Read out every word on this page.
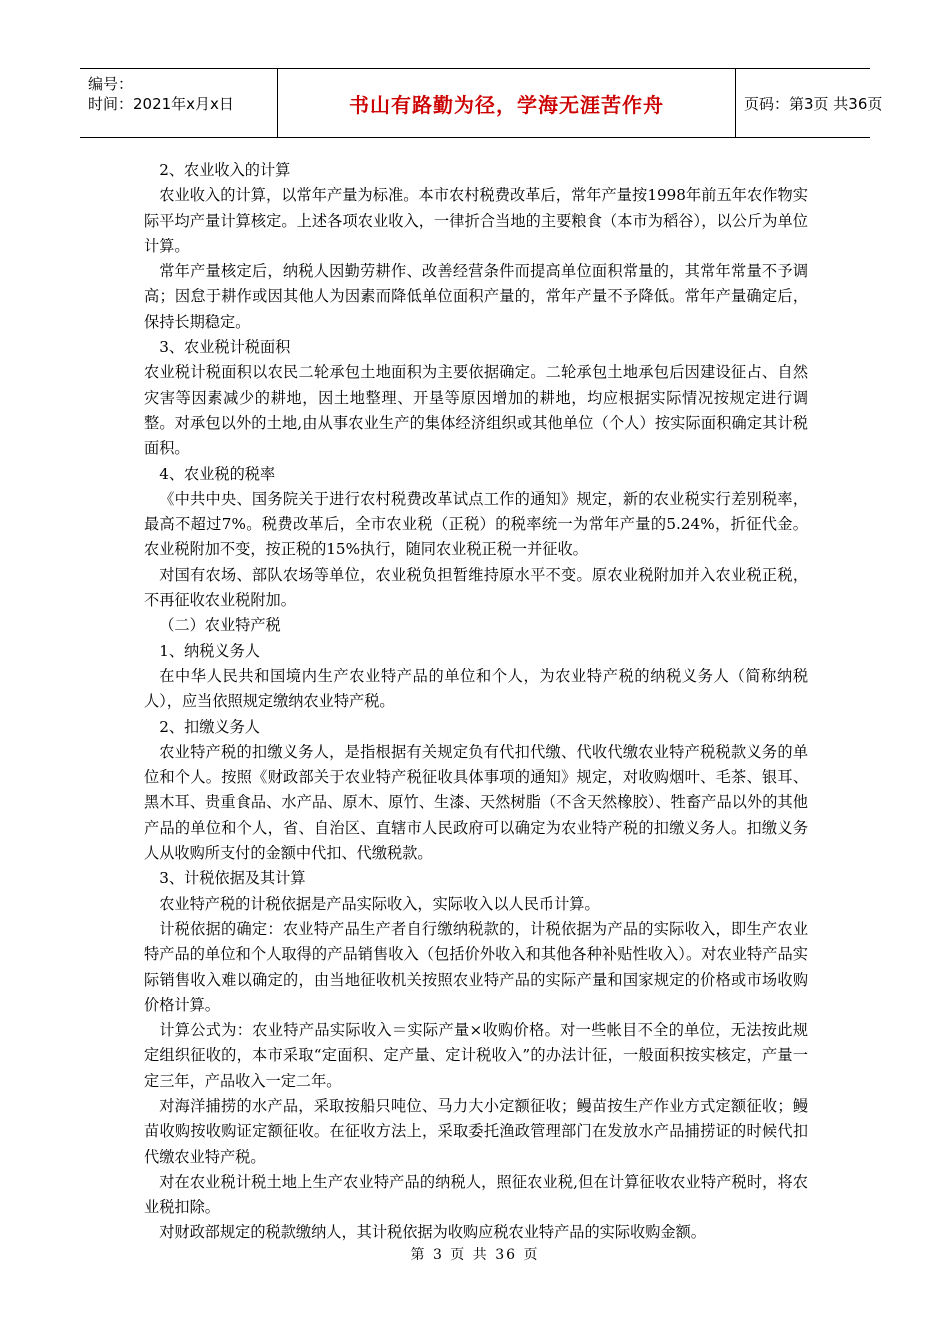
编号：
时间：2021年x月x日	书山有路勤为径，学海无涯苦作舟	页码：第3页 共36页

2、农业收入的计算

农业收入的计算，以常年产量为标准。本市农村税费改革后，常年产量按1998年前五年农作物实际平均产量计算核定。上述各项农业收入，一律折合当地的主要粮食（本市为稻谷），以公斤为单位计算。

常年产量核定后，纳税人因勤劳耕作、改善经营条件而提高单位面积常量的，其常年常量不予调高；因怠于耕作或因其他人为因素而降低单位面积产量的，常年产量不予降低。常年产量确定后，保持长期稳定。

3、农业税计税面积

农业税计税面积以农民二轮承包土地面积为主要依据确定。二轮承包土地承包后因建设征占、自然灾害等因素减少的耕地，因土地整理、开垦等原因增加的耕地，均应根据实际情况按规定进行调整。对承包以外的土地,由从事农业生产的集体经济组织或其他单位（个人）按实际面积确定其计税面积。

4、农业税的税率

《中共中央、国务院关于进行农村税费改革试点工作的通知》规定，新的农业税实行差别税率，最高不超过7%。税费改革后，全市农业税（正税）的税率统一为常年产量的5.24%，折征代金。农业税附加不变，按正税的15%执行，随同农业税正税一并征收。

对国有农场、部队农场等单位，农业税负担暂维持原水平不变。原农业税附加并入农业税正税，不再征收农业税附加。

（二）农业特产税

1、纳税义务人

在中华人民共和国境内生产农业特产品的单位和个人，为农业特产税的纳税义务人（简称纳税人），应当依照规定缴纳农业特产税。

2、扣缴义务人

农业特产税的扣缴义务人，是指根据有关规定负有代扣代缴、代收代缴农业特产税税款义务的单位和个人。按照《财政部关于农业特产税征收具体事项的通知》规定，对收购烟叶、毛茶、银耳、黑木耳、贵重食品、水产品、原木、原竹、生漆、天然树脂（不含天然橡胶）、牲畜产品以外的其他产品的单位和个人，省、自治区、直辖市人民政府可以确定为农业特产税的扣缴义务人。扣缴义务人从收购所支付的金额中代扣、代缴税款。

3、计税依据及其计算

农业特产税的计税依据是产品实际收入，实际收入以人民币计算。

计税依据的确定：农业特产品生产者自行缴纳税款的，计税依据为产品的实际收入，即生产农业特产品的单位和个人取得的产品销售收入（包括价外收入和其他各种补贴性收入）。对农业特产品实际销售收入难以确定的，由当地征收机关按照农业特产品的实际产量和国家规定的价格或市场收购价格计算。

计算公式为：农业特产品实际收入＝实际产量×收购价格。对一些帐目不全的单位，无法按此规定组织征收的，本市采取“定面积、定产量、定计税收入”的办法计征，一般面积按实核定，产量一定三年，产品收入一定二年。

对海洋捕捞的水产品，采取按船只吨位、马力大小定额征收；鳗苗按生产作业方式定额征收；鳗苗收购按收购证定额征收。在征收方法上，采取委托渔政管理部门在发放水产品捕捞证的时候代扣代缴农业特产税。

对在农业税计税土地上生产农业特产品的纳税人，照征农业税,但在计算征收农业特产税时，将农业税扣除。

对财政部规定的税款缴纳人，其计税依据为收购应税农业特产品的实际收购金额。

第 3 页 共 36 页
